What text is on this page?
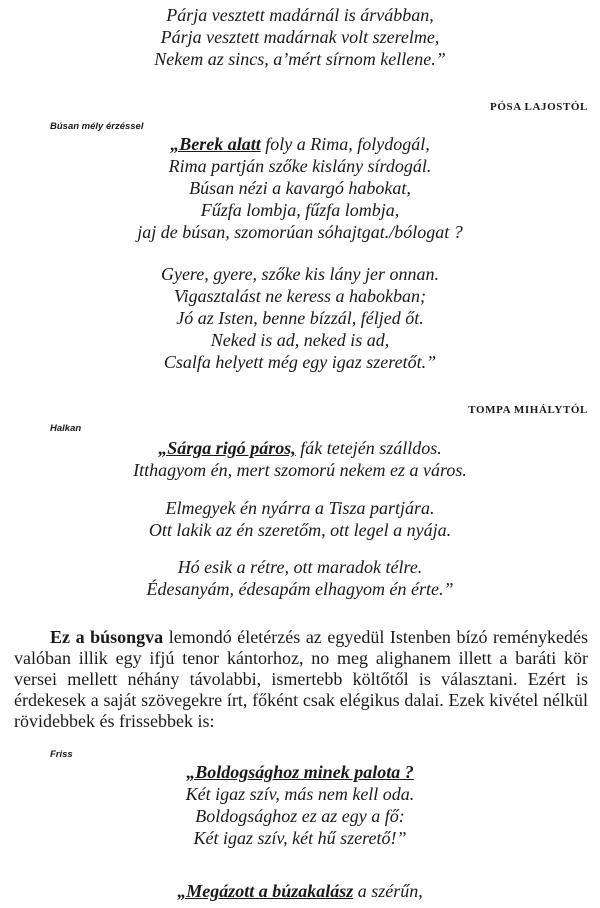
Párja vesztett madárnál is árvábban,
Párja vesztett madárnak volt szerelme,
Nekem az sincs, a’mért sírnom kellene.”
PÓSA LAJOSTÓL
Búsan mély érzéssel
„Berek alatt foly a Rima, folydogál,
Rima partján szőke kislány sírdogál.
Búsan nézi a kavargó habokat,
Fűzfa lombja, fűzfa lombja,
jaj de búsan, szomorúan sóhajtgat./bólogat ?
Gyere, gyere, szőke kis lány jer onnan.
Vigasztalást ne keress a habokban;
Jó az Isten, benne bízzál, féljed őt.
Neked is ad, neked is ad,
Csalfa helyett még egy igaz szeretőt.”
TOMPA MIHÁLYTÓL
Halkan
„Sárga rigó páros, fák tetején szálldos.
Itthagyom én, mert szomorú nekem ez a város.
Elmegyek én nyárra a Tisza partjára.
Ott lakik az én szeretőm, ott legel a nyája.
Hó esik a rétre, ott maradok télre.
Édesanyám, édesapám elhagyom én érte.”
Ez a búsongva lemondó életérzés az egyedül Istenben bízó reménykedés valóban illik egy ifjú tenor kántorhoz, no meg alighanem illett a baráti kör versei mellett néhány távolabbi, ismertebb költőtől is választani. Ezért is érdekesek a saját szövegekre írt, főként csak elégikus dalai. Ezek kivétel nélkül rövidebbek és frissebbek is:
Friss
„Boldogsághoz minek palota ?
Két igaz szív, más nem kell oda.
Boldogsághoz ez az egy a fő:
Két igaz szív, két hű szerető!”
„Megázott a búzakalász a szérűn,
